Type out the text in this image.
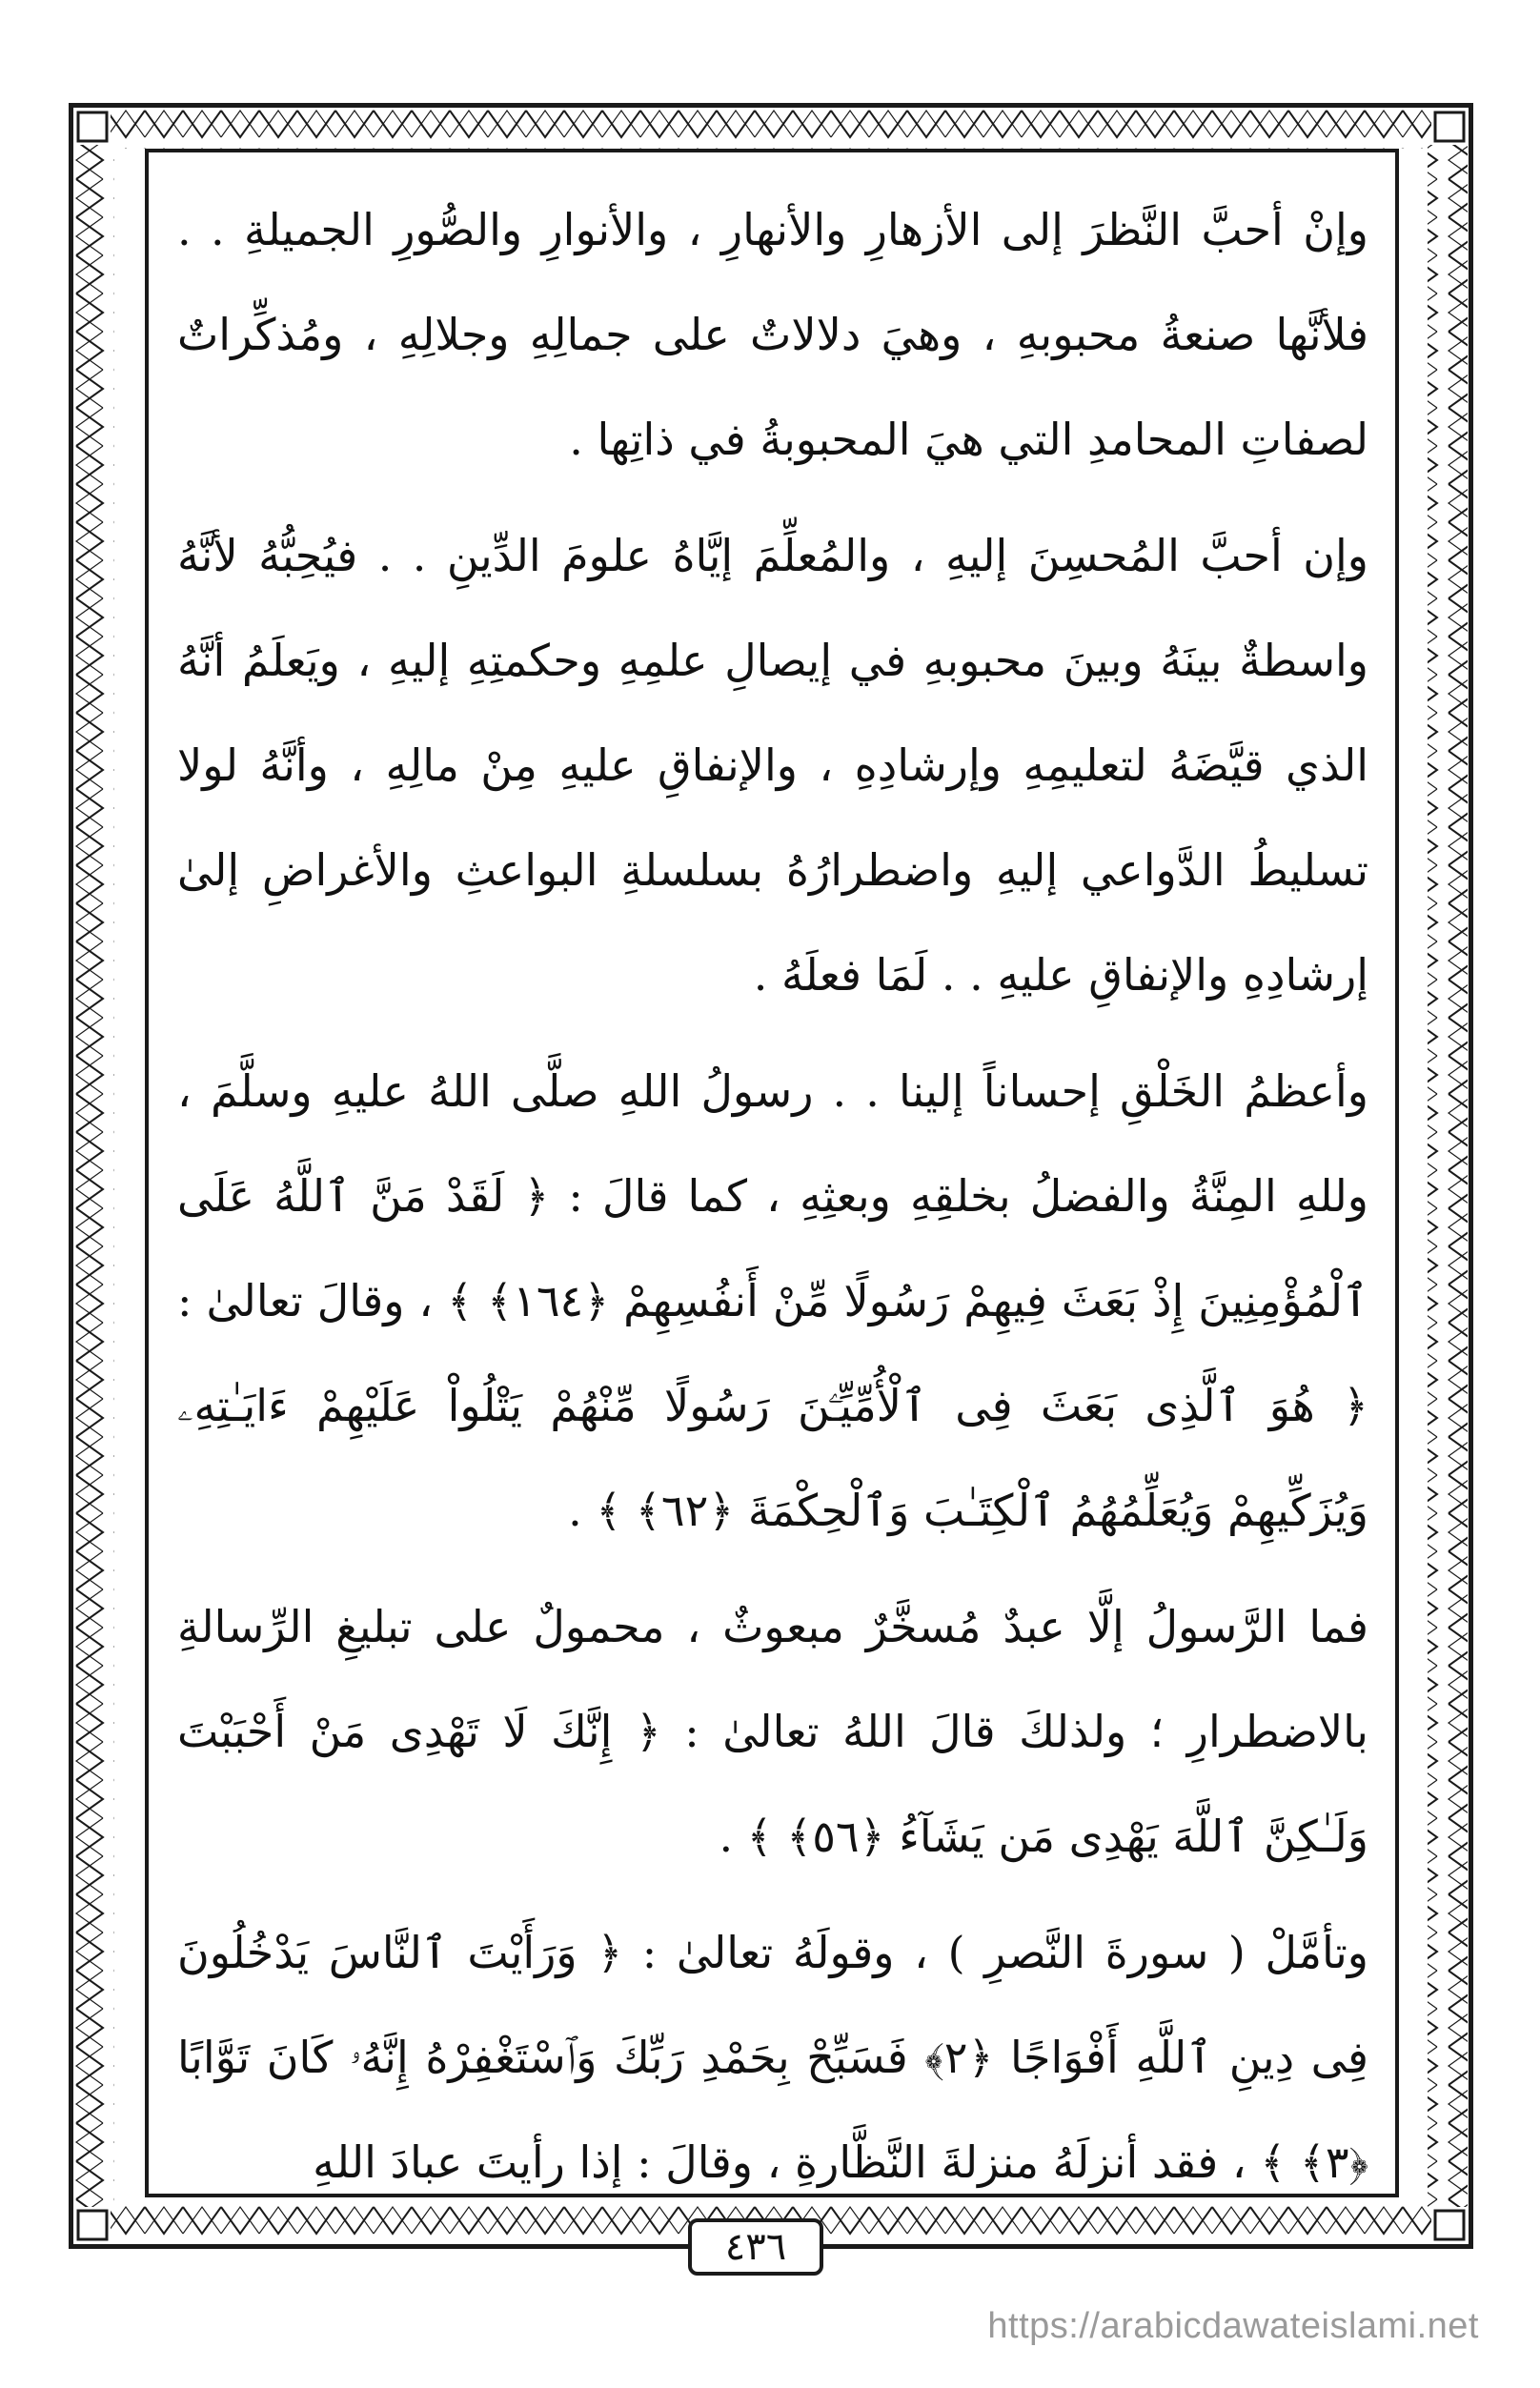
وإنْ أحبَّ النَّظرَ إلى الأزهارِ والأنهارِ ، والأنوارِ والصُّورِ الجميلةِ . . فلأنَّها صنعةُ محبوبهِ ، وهيَ دلالاتٌ على جمالِهِ وجلالِهِ ، ومُذكِّراتٌ لصفاتِ المحامدِ التي هيَ المحبوبةُ في ذاتِها .

وإن أحبَّ المُحسِنَ إليهِ ، والمُعلِّمَ إيَّاهُ علومَ الدِّينِ . . فيُحِبُّهُ لأنَّهُ واسطةٌ بينَهُ وبينَ محبوبهِ في إيصالِ علمِهِ وحكمتِهِ إليهِ ، ويَعلَمُ أنَّهُ الذي قيَّضَهُ لتعليمِهِ وإرشادِهِ ، والإنفاقِ عليهِ مِنْ مالِهِ ، وأنَّهُ لولا تسليطُ الدَّواعي إليهِ واضطرارُهُ بسلسلةِ البواعثِ والأغراضِ إلىٰ إرشادِهِ والإنفاقِ عليهِ . . لَمَا فعلَهُ .

وأعظمُ الخَلْقِ إحساناً إلينا . . رسولُ اللهِ صلَّى اللهُ عليهِ وسلَّمَ ، وللهِ المِنَّةُ والفضلُ بخلقِهِ وبعثِهِ ، كما قالَ : ﴿ لَقَدْ مَنَّ ٱللَّهُ عَلَى ٱلْمُؤْمِنِينَ إِذْ بَعَثَ فِيهِمْ رَسُولًا مِّنْ أَنفُسِهِمْ ﴿١٦٤﴾ ﴾ ، وقالَ تعالىٰ : ﴿ هُوَ ٱلَّذِى بَعَثَ فِى ٱلْأُمِّيِّـۧنَ رَسُولًا مِّنْهُمْ يَتْلُواْ عَلَيْهِمْ ءَايَـٰتِهِۦ وَيُزَكِّيهِمْ وَيُعَلِّمُهُمُ ٱلْكِتَـٰبَ وَٱلْحِكْمَةَ ﴿٦٢﴾ ﴾ .

فما الرَّسولُ إلَّا عبدٌ مُسخَّرٌ مبعوثٌ ، محمولٌ على تبليغِ الرِّسالةِ بالاضطرارِ ؛ ولذلكَ قالَ اللهُ تعالىٰ : ﴿ إِنَّكَ لَا تَهْدِى مَنْ أَحْبَبْتَ وَلَـٰكِنَّ ٱللَّهَ يَهْدِى مَن يَشَآءُ ﴿٥٦﴾ ﴾ .

وتأمَّلْ ( سورةَ النَّصرِ ) ، وقولَهُ تعالىٰ : ﴿ وَرَأَيْتَ ٱلنَّاسَ يَدْخُلُونَ فِى دِينِ ٱللَّهِ أَفْوَاجًا ﴿٢﴾ فَسَبِّحْ بِحَمْدِ رَبِّكَ وَٱسْتَغْفِرْهُ إِنَّهُۥ كَانَ تَوَّابًا ﴿٣﴾ ﴾ ، فقد أنزلَهُ منزلةَ النَّظَّارةِ ، وقالَ : إذا رأيتَ عبادَ اللهِ

٤٣٦
https://arabicdawateislami.net
